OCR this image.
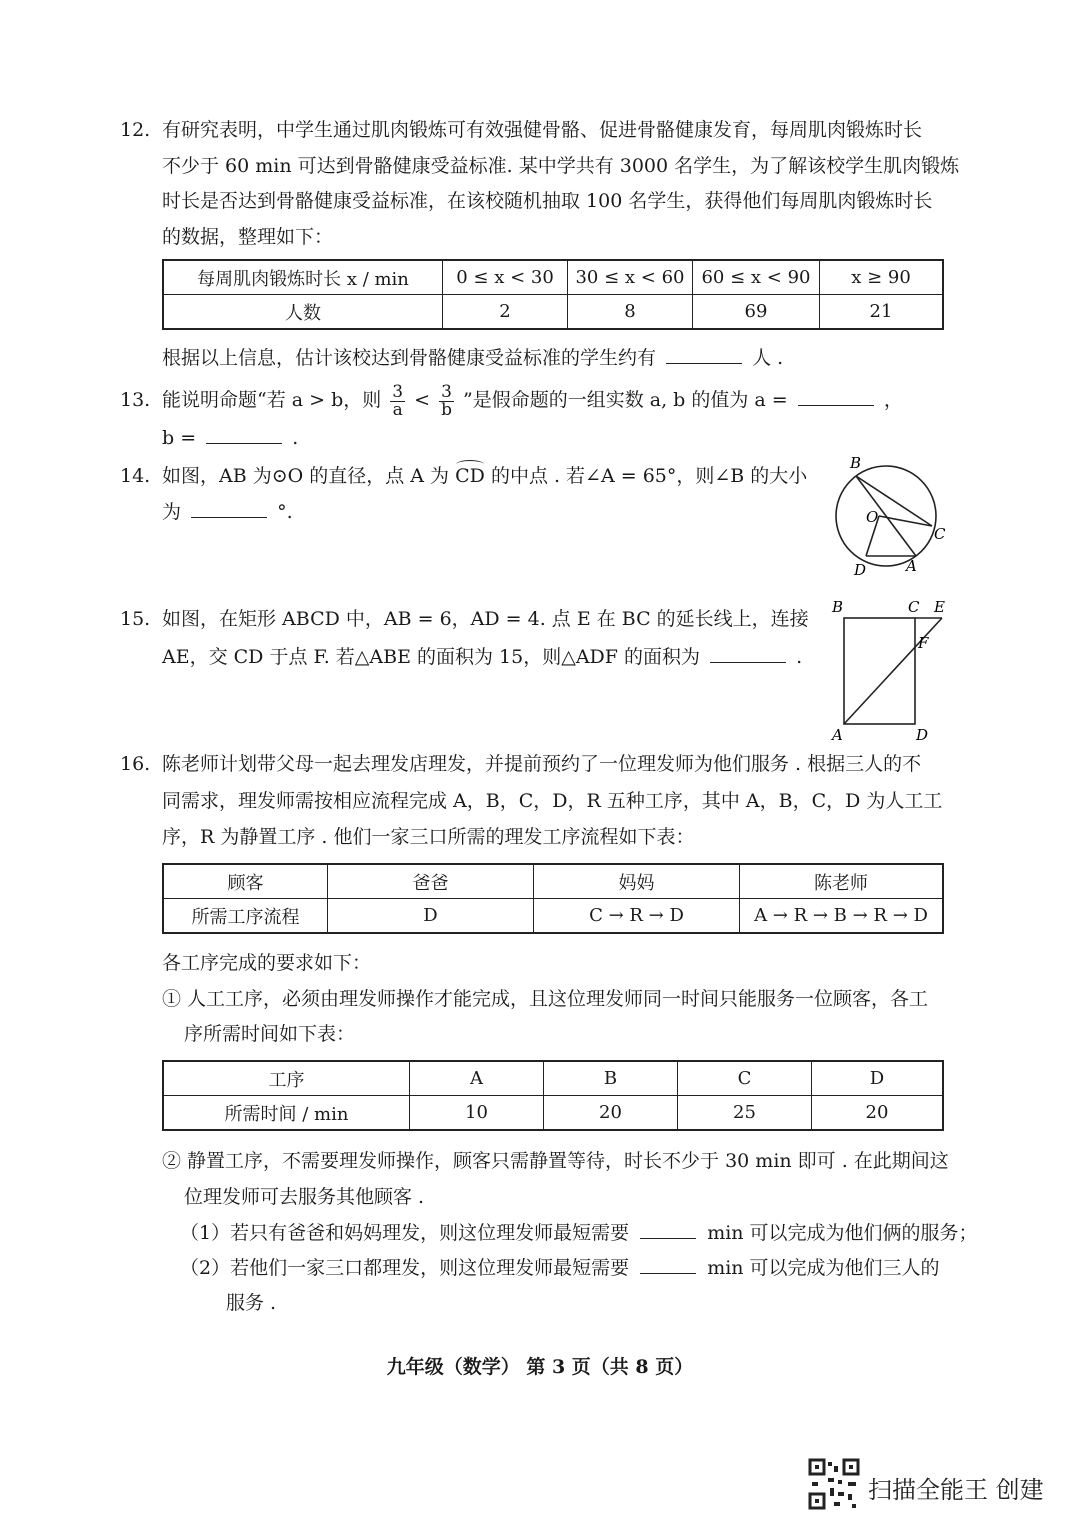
12. 有研究表明，中学生通过肌肉锻炼可有效强健骨骼、促进骨骼健康发育，每周肌肉锻炼时长
不少于 60 min 可达到骨骼健康受益标准. 某中学共有 3000 名学生，为了解该校学生肌肉锻炼
时长是否达到骨骼健康受益标准，在该校随机抽取 100 名学生，获得他们每周肌肉锻炼时长
的数据，整理如下：
每周肌肉锻炼时长 x / min	0 ≤ x < 30	30 ≤ x < 60	60 ≤ x < 90	x ≥ 90
人数	2	8	69	21
根据以上信息，估计该校达到骨骼健康受益标准的学生约有	人 .
13. 能说明命题“若 a > b，则 $\frac{3}{a} < \frac{3}{b}$ ”是假命题的一组实数 a, b 的值为 a =	，
b =	.
14. 如图，AB 为⊙O 的直径，点 A 为 CD 的中点 . 若∠A = 65°，则∠B 的大小
为	°.
B
O
C
D	A
15. 如图，在矩形 ABCD 中，AB = 6，AD = 4. 点 E 在 BC 的延长线上，连接
AE，交 CD 于点 F. 若△ABE 的面积为 15，则△ADF 的面积为	.
B	C E
F
A	D
16. 陈老师计划带父母一起去理发店理发，并提前预约了一位理发师为他们服务 . 根据三人的不
同需求，理发师需按相应流程完成 A，B，C，D，R 五种工序，其中 A，B，C，D 为人工工
序，R 为静置工序 . 他们一家三口所需的理发工序流程如下表：
顾客	爸爸	妈妈	陈老师
所需工序流程	D	C → R → D	A → R → B → R → D
各工序完成的要求如下：
① 人工工序，必须由理发师操作才能完成，且这位理发师同一时间只能服务一位顾客，各工
序所需时间如下表：
工序	A	B	C	D
所需时间 / min	10	20	25	20
② 静置工序，不需要理发师操作，顾客只需静置等待，时长不少于 30 min 即可 . 在此期间这
位理发师可去服务其他顾客 .
（1）若只有爸爸和妈妈理发，则这位理发师最短需要	min 可以完成为他们俩的服务；
（2）若他们一家三口都理发，则这位理发师最短需要	min 可以完成为他们三人的
服务 .
九年级（数学） 第 3 页（共 8 页）
扫描全能王 创建
